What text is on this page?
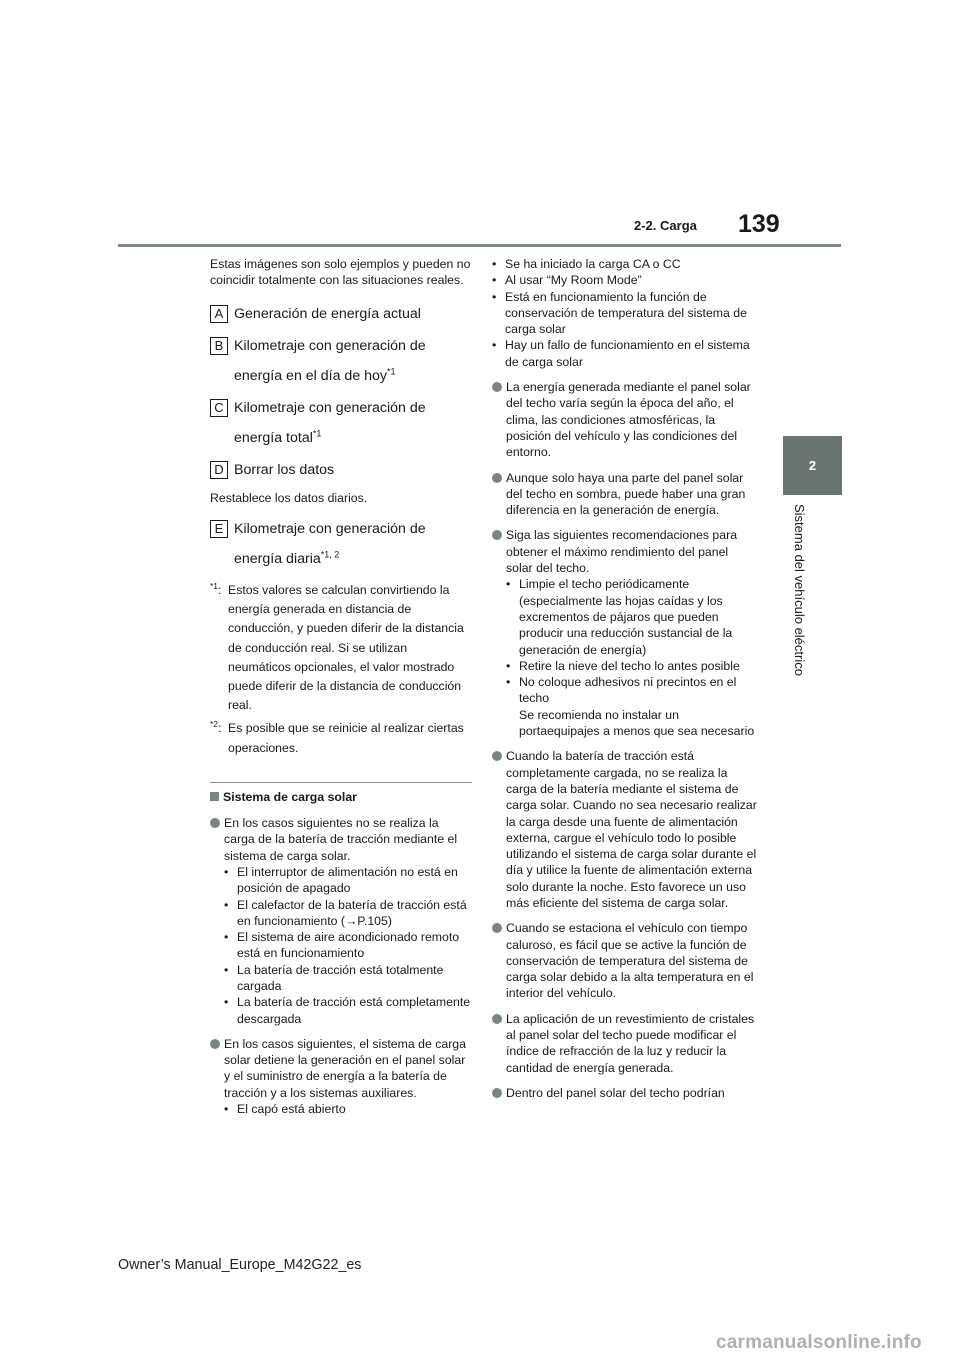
2-2. Carga 139
2
Sistema del vehículo eléctrico

Estas imágenes son solo ejemplos y pueden no coincidir totalmente con las situaciones reales.

A Generación de energía actual

B Kilometraje con generación de

energía en el día de hoy$^{*1}$

C Kilometraje con generación de

energía total$^{*1}$

D Borrar los datos

Restablece los datos diarios.

E Kilometraje con generación de

energía diaria$^{*1, 2}$

$^{*1}$: Estos valores se calculan convirtiendo la energía generada en distancia de conducción, y pueden diferir de la distancia de conducción real. Si se utilizan neumáticos opcionales, el valor mostrado puede diferir de la distancia de conducción real.
$^{*2}$: Es posible que se reinicie al realizar ciertas operaciones.
Sistema de carga solar

En los casos siguientes no se realiza la carga de la batería de tracción mediante el sistema de carga solar.

• El interruptor de alimentación no está en posición de apagado
• El calefactor de la batería de tracción está en funcionamiento (→P.105)
• El sistema de aire acondicionado remoto está en funcionamiento
• La batería de tracción está totalmente cargada
• La batería de tracción está completamente descargada

En los casos siguientes, el sistema de carga solar detiene la generación en el panel solar y el suministro de energía a la batería de tracción y a los sistemas auxiliares.

• El capó está abierto
• Se ha iniciado la carga CA o CC
• Al usar “My Room Mode”
• Está en funcionamiento la función de conservación de temperatura del sistema de carga solar
• Hay un fallo de funcionamiento en el sistema de carga solar

La energía generada mediante el panel solar del techo varía según la época del año, el clima, las condiciones atmosféricas, la posición del vehículo y las condiciones del entorno.

Aunque solo haya una parte del panel solar del techo en sombra, puede haber una gran diferencia en la generación de energía.

Siga las siguientes recomendaciones para obtener el máximo rendimiento del panel solar del techo.

• Limpie el techo periódicamente (especialmente las hojas caídas y los excrementos de pájaros que pueden producir una reducción sustancial de la generación de energía)
• Retire la nieve del techo lo antes posible
• No coloque adhesivos ni precintos en el techo

Se recomienda no instalar un portaequipajes a menos que sea necesario

Cuando la batería de tracción está completamente cargada, no se realiza la carga de la batería mediante el sistema de carga solar. Cuando no sea necesario realizar la carga desde una fuente de alimentación externa, cargue el vehículo todo lo posible utilizando el sistema de carga solar durante el día y utilice la fuente de alimentación externa solo durante la noche. Esto favorece un uso más eficiente del sistema de carga solar.

Cuando se estaciona el vehículo con tiempo caluroso, es fácil que se active la función de conservación de temperatura del sistema de carga solar debido a la alta temperatura en el interior del vehículo.

La aplicación de un revestimiento de cristales al panel solar del techo puede modificar el índice de refracción de la luz y reducir la cantidad de energía generada.

Dentro del panel solar del techo podrían

Owner’s Manual_Europe_M42G22_es
carmanualsonline.info
